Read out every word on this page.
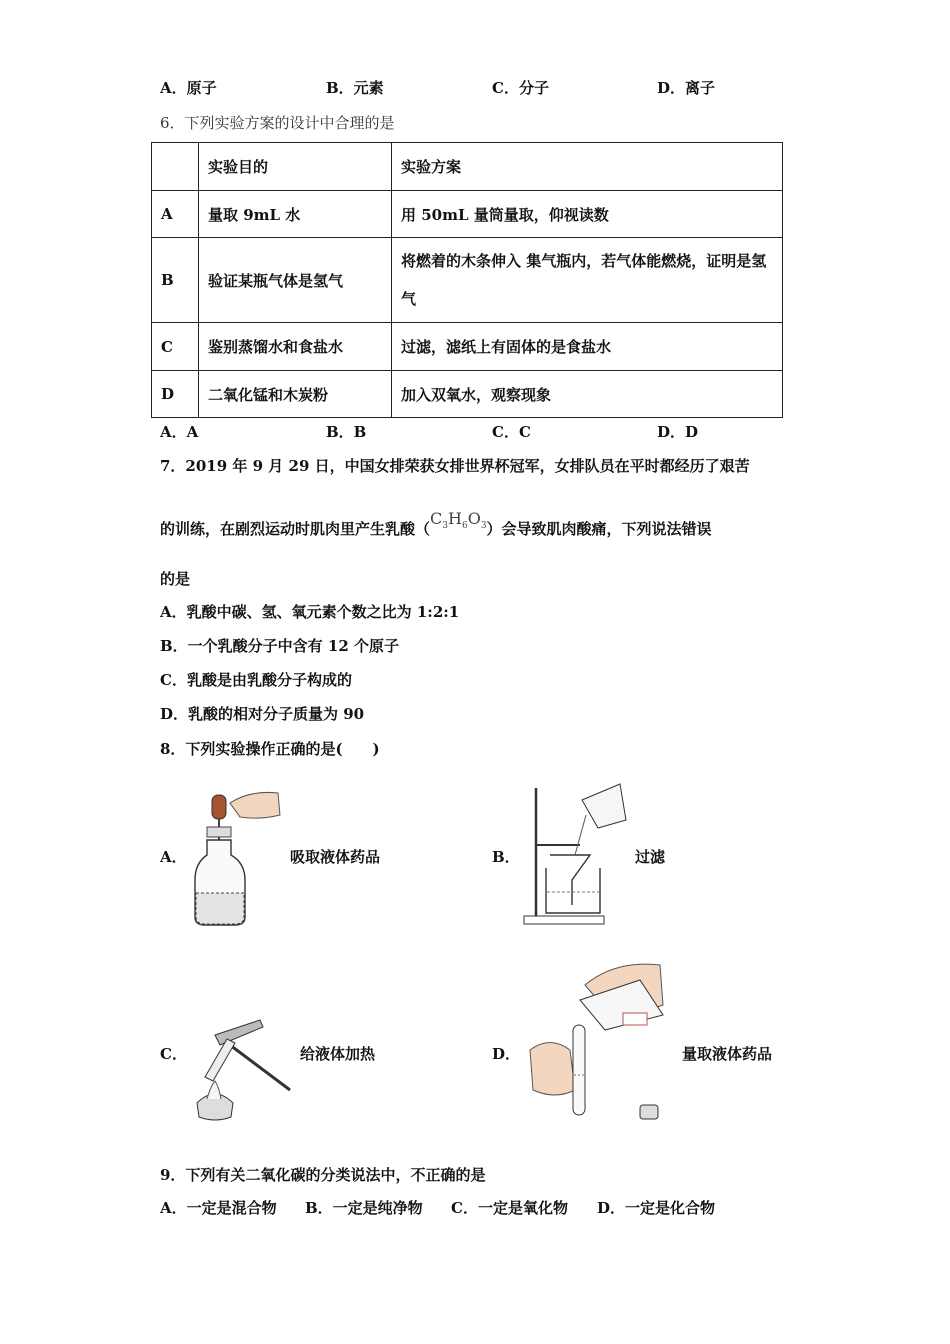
A．原子	B．元素	C．分子	D．离子
6．下列实验方案的设计中合理的是
	实验目的	实验方案
A	量取 9mL 水	用 50mL 量筒量取，仰视读数
B	验证某瓶气体是氢气	将燃着的木条伸入 集气瓶内，若气体能燃烧，证明是氢气
C	鉴别蒸馏水和食盐水	过滤，滤纸上有固体的是食盐水
D	二氧化锰和木炭粉	加入双氧水，观察现象
A．A	B．B	C．C	D．D
7．2019 年 9 月 29 日，中国女排荣获女排世界杯冠军，女排队员在平时都经历了艰苦
的训练，在剧烈运动时肌肉里产生乳酸$(C_3H_6O_3)$会导致肌肉酸痛，下列说法错误
的是
A．乳酸中碳、氢、氧元素个数之比为 1:2:1
B．一个乳酸分子中含有 12 个原子
C．乳酸是由乳酸分子构成的
D．乳酸的相对分子质量为 90
8．下列实验操作正确的是(　　)
A．	吸取液体药品	B．	过滤
C．	给液体加热	D．	量取液体药品
9．下列有关二氧化碳的分类说法中，不正确的是
A．一定是混合物 B．一定是纯净物 C．一定是氧化物 D．一定是化合物
